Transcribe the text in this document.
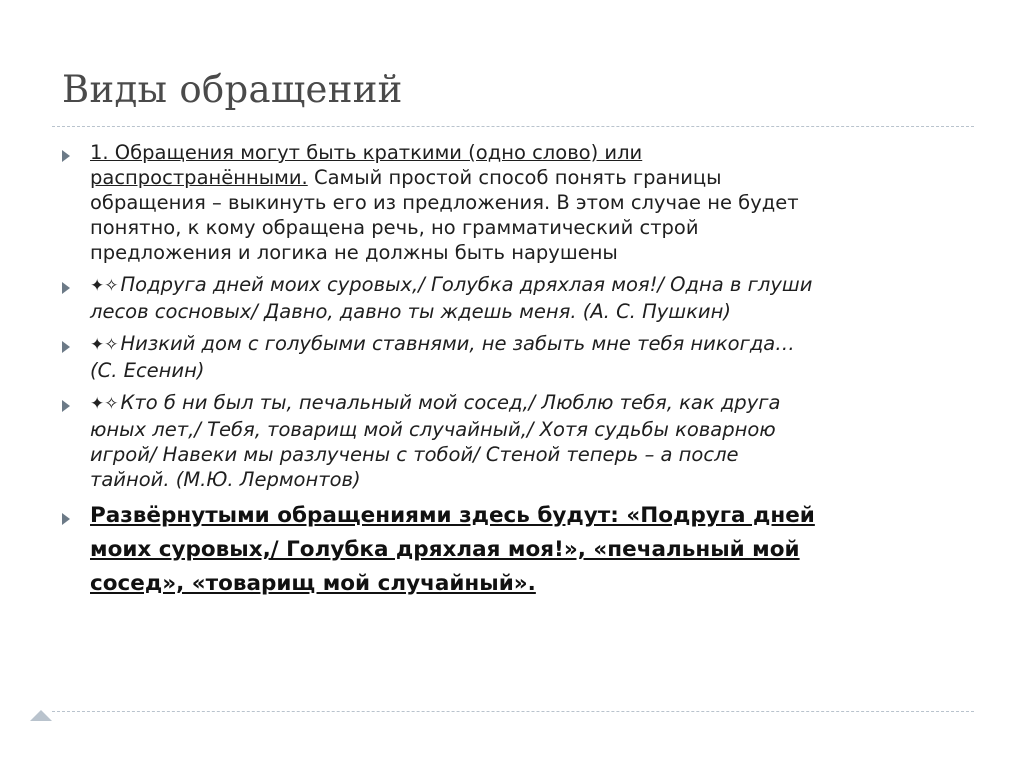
Виды обращений
1. Обращения могут быть краткими (одно слово) или
распространёнными. Самый простой способ понять границы
обращения – выкинуть его из предложения. В этом случае не будет
понятно, к кому обращена речь, но грамматический строй
предложения и логика не должны быть нарушены
✦✧ Подруга дней моих суровых,/ Голубка дряхлая моя!/ Одна в глуши
лесов сосновых/ Давно, давно ты ждешь меня. (А. С. Пушкин)
✦✧ Низкий дом с голубыми ставнями, не забыть мне тебя никогда…
(С. Есенин)
✦✧ Кто б ни был ты, печальный мой сосед,/ Люблю тебя, как друга
юных лет,/ Тебя, товарищ мой случайный,/ Хотя судьбы коварною
игрой/ Навеки мы разлучены с тобой/ Стеной теперь – а после
тайной. (М.Ю. Лермонтов)
Развёрнутыми обращениями здесь будут: «Подруга дней
моих суровых,/ Голубка дряхлая моя!», «печальный мой
сосед», «товарищ мой случайный».
